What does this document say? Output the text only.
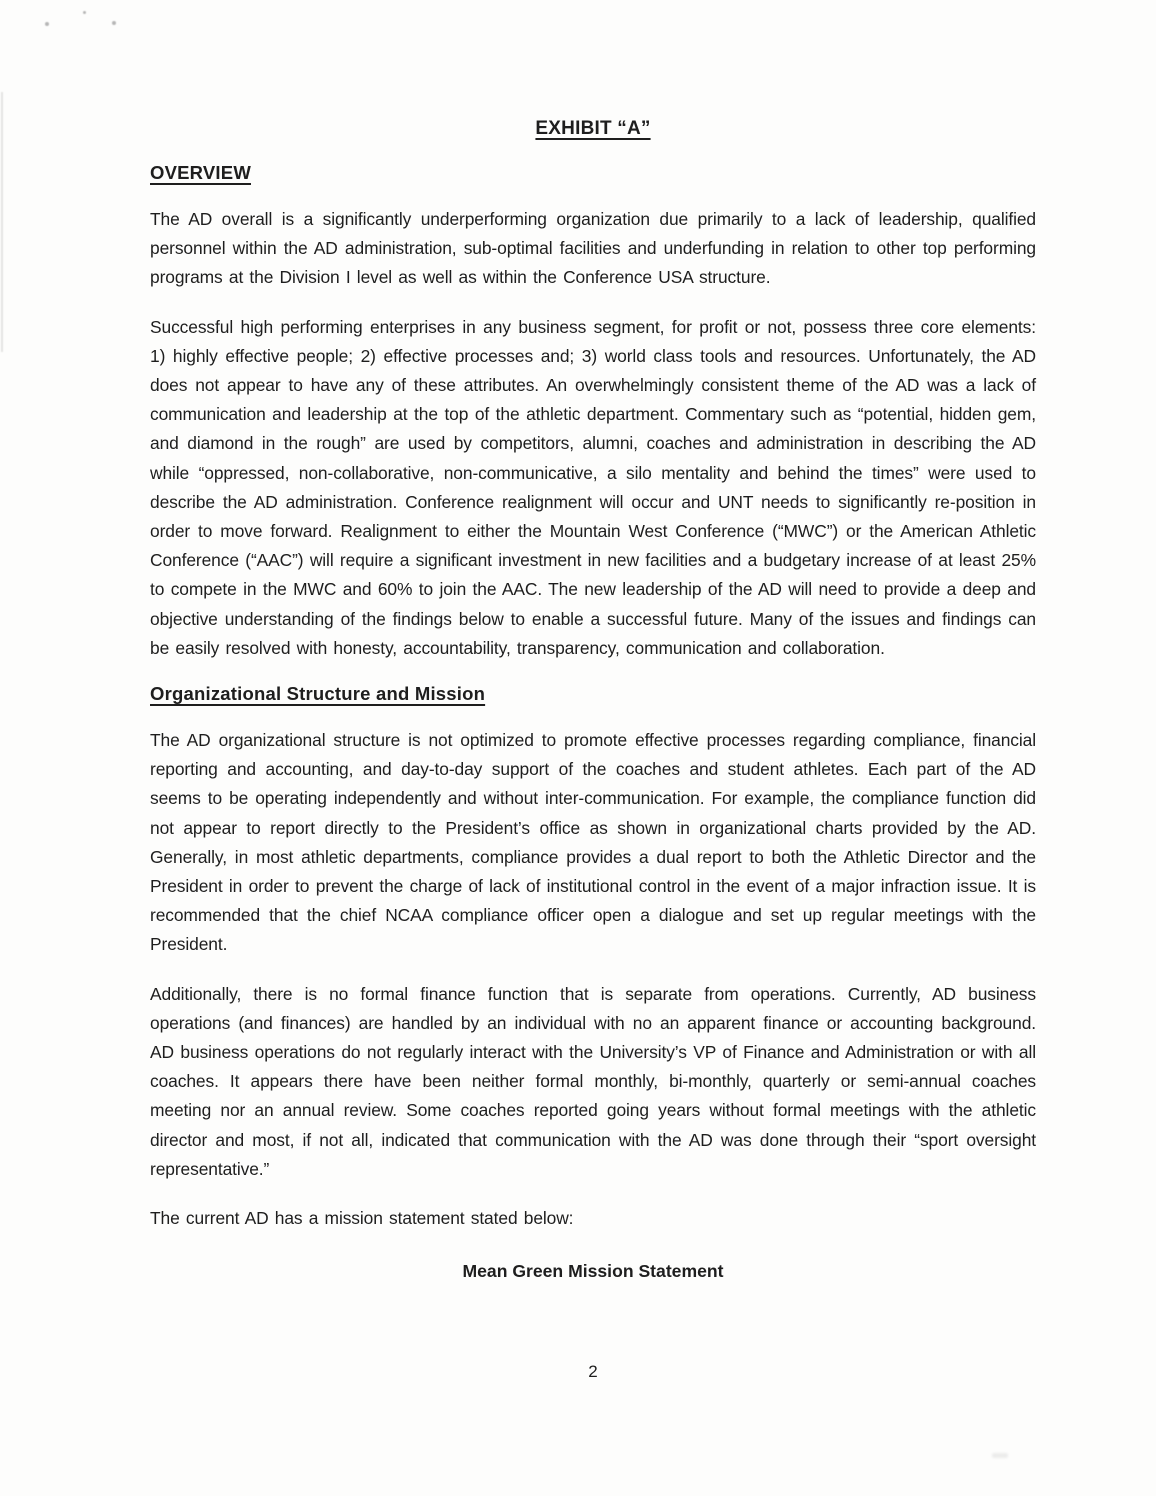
EXHIBIT “A”
OVERVIEW

The AD overall is a significantly underperforming organization due primarily to a lack of leadership, qualified personnel within the AD administration, sub-optimal facilities and underfunding in relation to other top performing programs at the Division I level as well as within the Conference USA structure.

Successful high performing enterprises in any business segment, for profit or not, possess three core elements: 1) highly effective people; 2) effective processes and; 3) world class tools and resources. Unfortunately, the AD does not appear to have any of these attributes. An overwhelmingly consistent theme of the AD was a lack of communication and leadership at the top of the athletic department. Commentary such as “potential, hidden gem, and diamond in the rough” are used by competitors, alumni, coaches and administration in describing the AD while “oppressed, non-collaborative, non-communicative, a silo mentality and behind the times” were used to describe the AD administration. Conference realignment will occur and UNT needs to significantly re-position in order to move forward. Realignment to either the Mountain West Conference (“MWC”) or the American Athletic Conference (“AAC”) will require a significant investment in new facilities and a budgetary increase of at least 25% to compete in the MWC and 60% to join the AAC. The new leadership of the AD will need to provide a deep and objective understanding of the findings below to enable a successful future. Many of the issues and findings can be easily resolved with honesty, accountability, transparency, communication and collaboration.

Organizational Structure and Mission

The AD organizational structure is not optimized to promote effective processes regarding compliance, financial reporting and accounting, and day-to-day support of the coaches and student athletes. Each part of the AD seems to be operating independently and without inter-communication. For example, the compliance function did not appear to report directly to the President’s office as shown in organizational charts provided by the AD. Generally, in most athletic departments, compliance provides a dual report to both the Athletic Director and the President in order to prevent the charge of lack of institutional control in the event of a major infraction issue. It is recommended that the chief NCAA compliance officer open a dialogue and set up regular meetings with the President.

Additionally, there is no formal finance function that is separate from operations. Currently, AD business operations (and finances) are handled by an individual with no an apparent finance or accounting background. AD business operations do not regularly interact with the University’s VP of Finance and Administration or with all coaches. It appears there have been neither formal monthly, bi-monthly, quarterly or semi-annual coaches meeting nor an annual review. Some coaches reported going years without formal meetings with the athletic director and most, if not all, indicated that communication with the AD was done through their “sport oversight representative.”

The current AD has a mission statement stated below:

Mean Green Mission Statement
2
